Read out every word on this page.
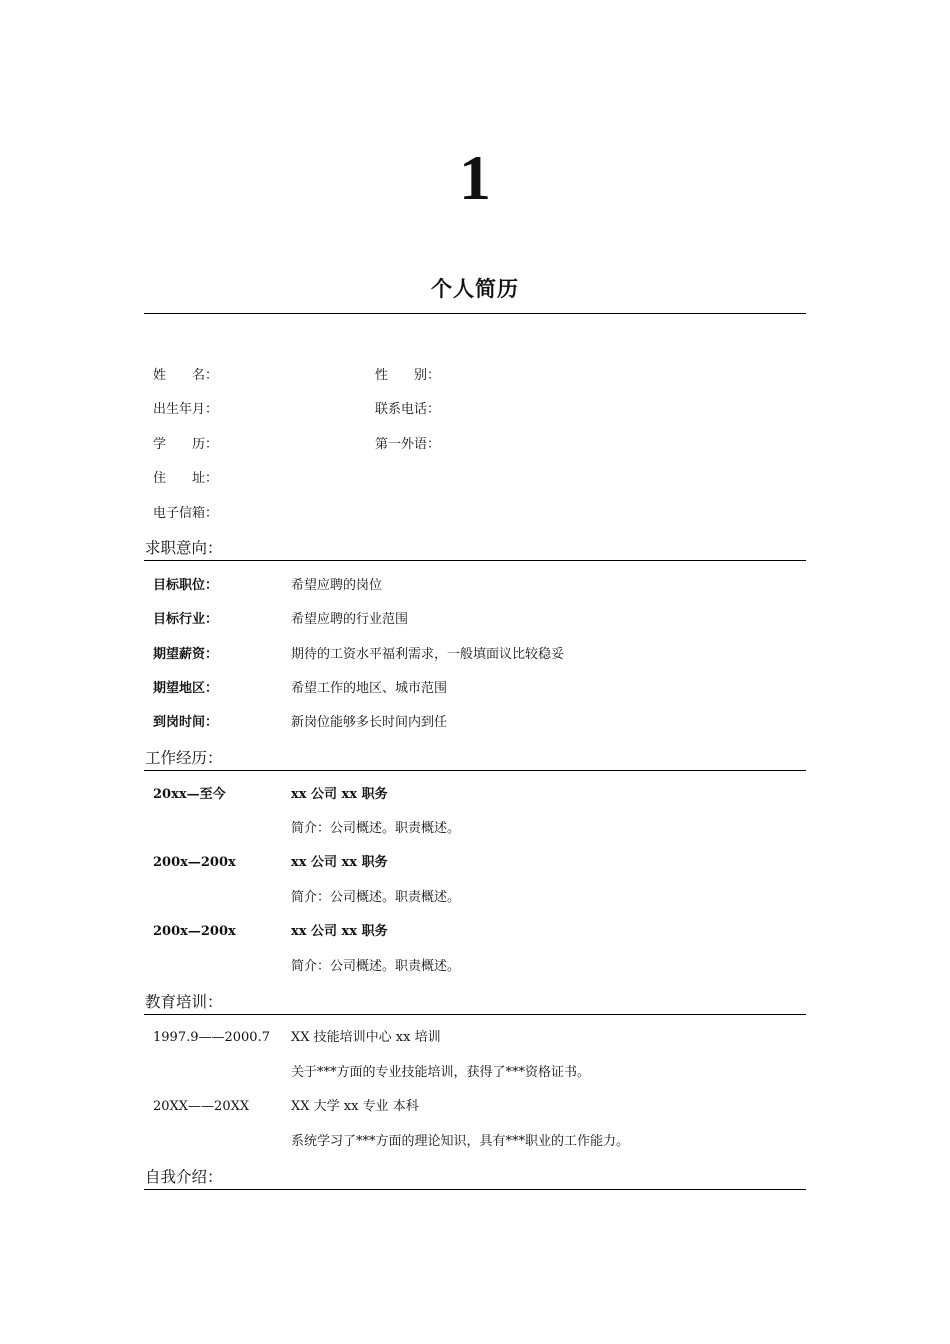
1
个人简历
姓　　名：	性　　别：
出生年月：	联系电话：
学　　历：	第一外语：
住　　址：
电子信箱：
求职意向：
目标职位：	希望应聘的岗位
目标行业：	希望应聘的行业范围
期望薪资：	期待的工资水平福利需求，一般填面议比较稳妥
期望地区：	希望工作的地区、城市范围
到岗时间：	新岗位能够多长时间内到任
工作经历：
20xx—至今	xx 公司 xx 职务
简介：公司概述。职责概述。
200x—200x	xx 公司 xx 职务
简介：公司概述。职责概述。
200x—200x	xx 公司 xx 职务
简介：公司概述。职责概述。
教育培训：
1997.9——2000.7 XX 技能培训中心 xx 培训
关于***方面的专业技能培训，获得了***资格证书。
20XX——20XX	XX 大学 xx 专业 本科
系统学习了***方面的理论知识，具有***职业的工作能力。
自我介绍：
